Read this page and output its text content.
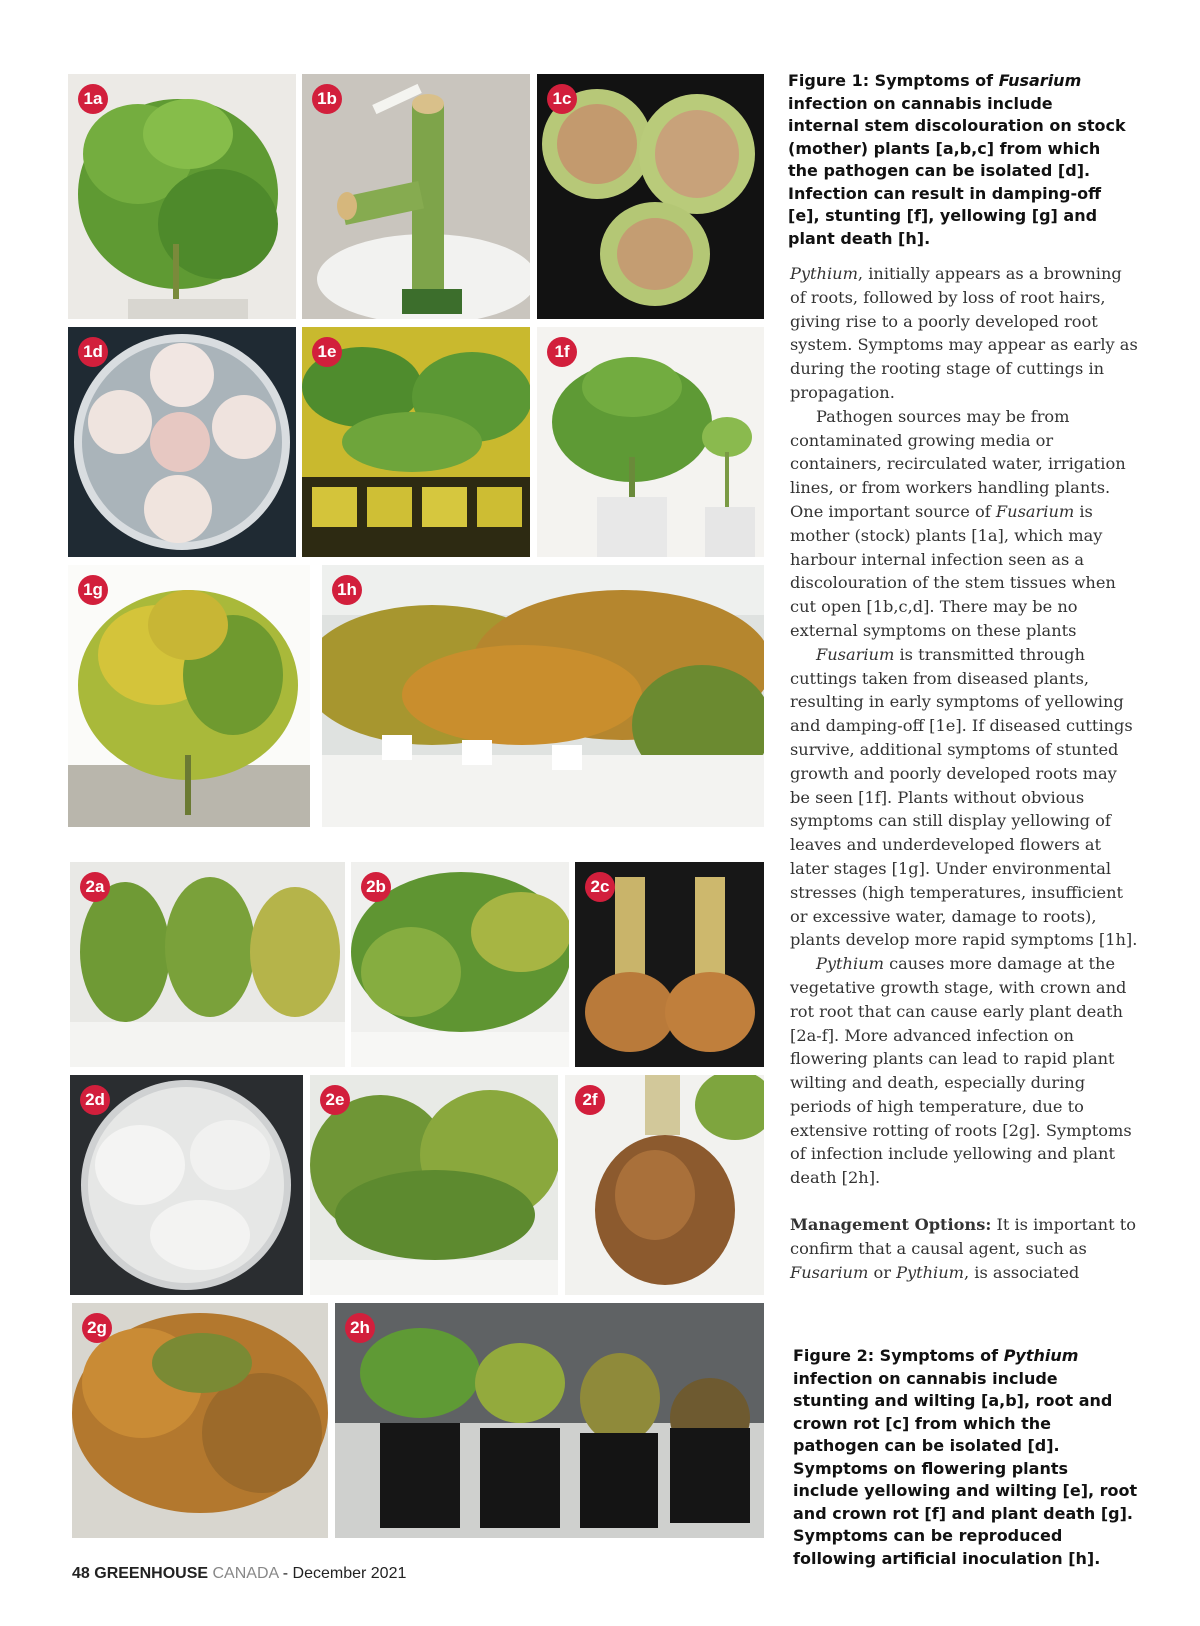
1a	1b	1c
1d	1e	1f
1g	1h
Figure 1: Symptoms of Fusarium infection on cannabis include internal stem discolouration on stock (mother) plants [a,b,c] from which the pathogen can be isolated [d]. Infection can result in damping-off [e], stunting [f], yellowing [g] and plant death [h].

Pythium, initially appears as a browning of roots, followed by loss of root hairs, giving rise to a poorly developed root system. Symptoms may appear as early as during the rooting stage of cuttings in propagation.

Pathogen sources may be from contaminated growing media or containers, recirculated water, irrigation lines, or from workers handling plants. One important source of Fusarium is mother (stock) plants [1a], which may harbour internal infection seen as a discolouration of the stem tissues when cut open [1b,c,d]. There may be no external symptoms on these plants

Fusarium is transmitted through cuttings taken from diseased plants, resulting in early symptoms of yellowing and damping-off [1e]. If diseased cuttings survive, additional symptoms of stunted growth and poorly developed roots may be seen [1f]. Plants without obvious symptoms can still display yellowing of leaves and underdeveloped flowers at later stages [1g]. Under environmental stresses (high temperatures, insufficient or excessive water, damage to roots), plants develop more rapid symptoms [1h].

Pythium causes more damage at the vegetative growth stage, with crown and rot root that can cause early plant death [2a-f]. More advanced infection on flowering plants can lead to rapid plant wilting and death, especially during periods of high temperature, due to extensive rotting of roots [2g]. Symptoms of infection include yellowing and plant death [2h].

Management Options: It is important to confirm that a causal agent, such as Fusarium or Pythium, is associated

2a	2b	2c
2d	2e	2f
2g	2h
Figure 2: Symptoms of Pythium infection on cannabis include stunting and wilting [a,b], root and crown rot [c] from which the pathogen can be isolated [d]. Symptoms on flowering plants include yellowing and wilting [e], root and crown rot [f] and plant death [g]. Symptoms can be reproduced following artificial inoculation [h].
48 GREENHOUSE CANADA - December 2021
